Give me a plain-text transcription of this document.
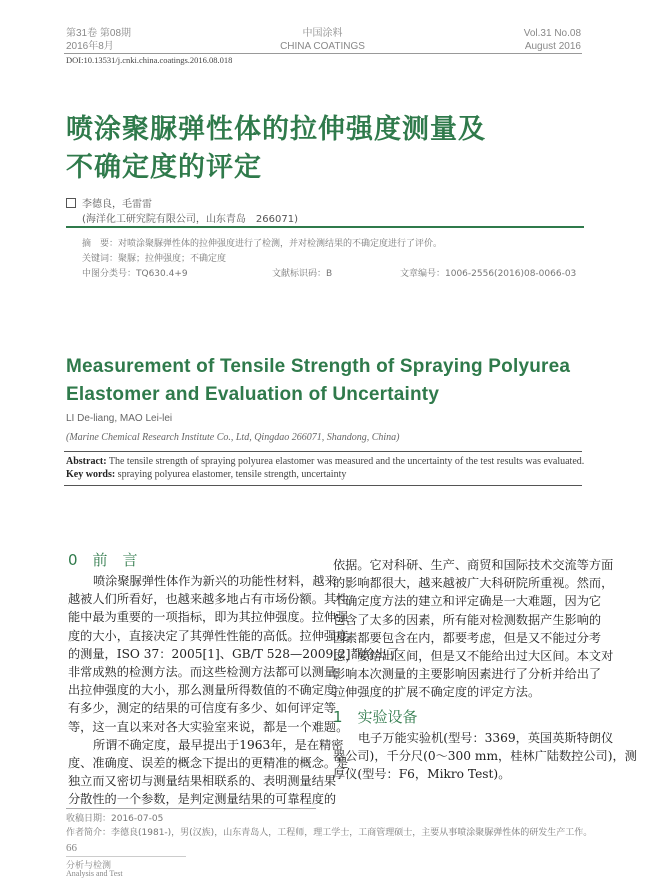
第31卷 第08期
2016年8月
中国涂料
CHINA COATINGS
Vol.31 No.08
August 2016
DOI:10.13531/j.cnki.china.coatings.2016.08.018
喷涂聚脲弹性体的拉伸强度测量及
不确定度的评定
李德良，毛雷雷
(海洋化工研究院有限公司，山东青岛　266071)
摘　要：对喷涂聚脲弹性体的拉伸强度进行了检测，并对检测结果的不确定度进行了评价。
关键词：聚脲；拉伸强度；不确定度
中图分类号：TQ630.4+9	文献标识码：B	文章编号：1006-2556(2016)08-0066-03
Measurement of Tensile Strength of Spraying Polyurea
Elastomer and Evaluation of Uncertainty
LI De-liang, MAO Lei-lei
(Marine Chemical Research Institute Co., Ltd, Qingdao 266071, Shandong, China)
Abstract: The tensile strength of spraying polyurea elastomer was measured and the uncertainty of the test results was evaluated.
Key words: spraying polyurea elastomer, tensile strength, uncertainty
0　前　言
喷涂聚脲弹性体作为新兴的功能性材料，越来
越被人们所看好，也越来越多地占有市场份额。其性
能中最为重要的一项指标，即为其拉伸强度。拉伸强
度的大小，直接决定了其弹性性能的高低。拉伸强度
的测量，ISO 37：2005[1]、GB/T 528—2009[2]都给出了
非常成熟的检测方法。而这些检测方法都可以测量
出拉伸强度的大小，那么测量所得数值的不确定度
有多少，测定的结果的可信度有多少、如何评定等
等，这一直以来对各大实验室来说，都是一个难题。
所谓不确定度，最早提出于1963年，是在精密
度、准确度、误差的概念下提出的更精准的概念。是
独立而又密切与测量结果相联系的、表明测量结果
分散性的一个参数，是判定测量结果的可靠程度的
依据。它对科研、生产、商贸和国际技术交流等方面
的影响都很大，越来越被广大科研院所重视。然而，
不确定度方法的建立和评定确是一大难题，因为它
包含了太多的因素，所有能对检测数据产生影响的
因素都要包含在内，都要考虑，但是又不能过分考
虑，要给出区间，但是又不能给出过大区间。本文对
影响本次测量的主要影响因素进行了分析并给出了
拉伸强度的扩展不确定度的评定方法。
1　实验设备
电子万能实验机(型号：3369，英国英斯特朗仪
器公司)，千分尺(0～300 mm，桂林广陆数控公司)，测
厚仪(型号：F6，Mikro Test)。
收稿日期：2016-07-05
作者简介：李德良(1981-)，男(汉族)，山东青岛人，工程师，理工学士，工商管理硕士，主要从事喷涂聚脲弹性体的研发生产工作。
66
分析与检测
Analysis and Test
